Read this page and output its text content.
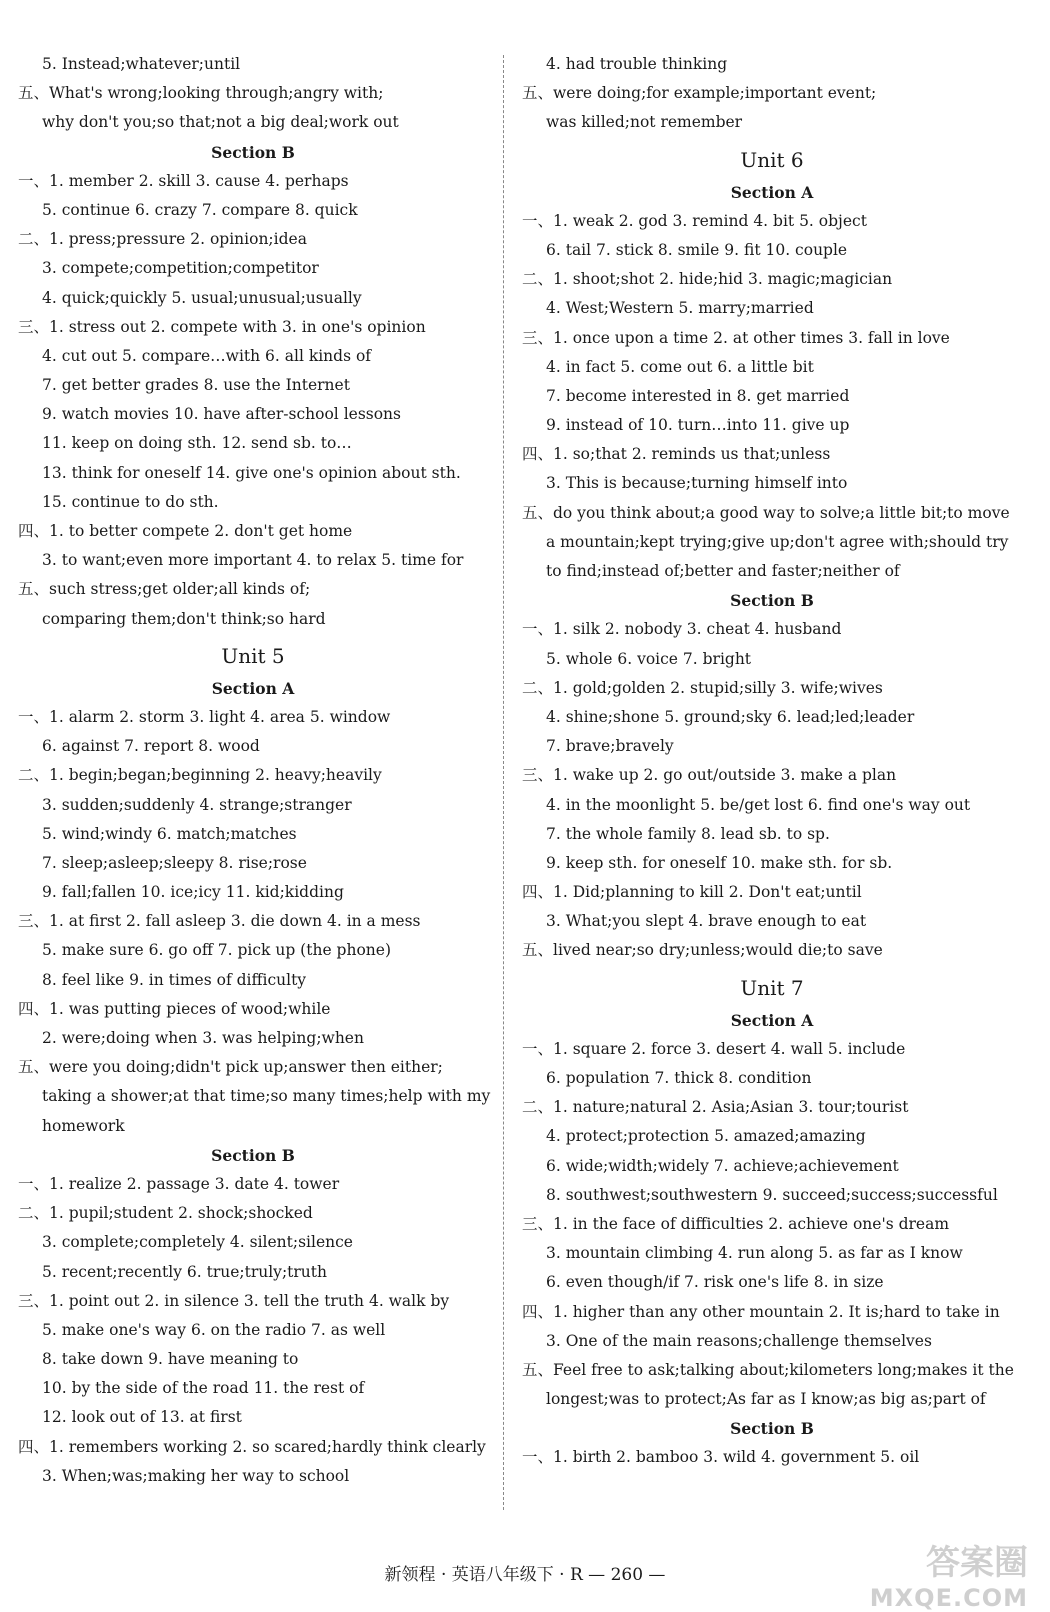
5. Instead;whatever;until
五、What's wrong;looking through;angry with;
why don't you;so that;not a big deal;work out
Section B
一、1. member 2. skill 3. cause 4. perhaps
5. continue 6. crazy 7. compare 8. quick
二、1. press;pressure 2. opinion;idea
3. compete;competition;competitor
4. quick;quickly 5. usual;unusual;usually
三、1. stress out 2. compete with 3. in one's opinion
4. cut out 5. compare…with 6. all kinds of
7. get better grades 8. use the Internet
9. watch movies 10. have after-school lessons
11. keep on doing sth. 12. send sb. to…
13. think for oneself 14. give one's opinion about sth.
15. continue to do sth.
四、1. to better compete 2. don't get home
3. to want;even more important 4. to relax 5. time for
五、such stress;get older;all kinds of;
comparing them;don't think;so hard
Unit 5
Section A
一、1. alarm 2. storm 3. light 4. area 5. window
6. against 7. report 8. wood
二、1. begin;began;beginning 2. heavy;heavily
3. sudden;suddenly 4. strange;stranger
5. wind;windy 6. match;matches
7. sleep;asleep;sleepy 8. rise;rose
9. fall;fallen 10. ice;icy 11. kid;kidding
三、1. at first 2. fall asleep 3. die down 4. in a mess
5. make sure 6. go off 7. pick up (the phone)
8. feel like 9. in times of difficulty
四、1. was putting pieces of wood;while
2. were;doing when 3. was helping;when
五、were you doing;didn't pick up;answer then either;
taking a shower;at that time;so many times;help with my
homework
Section B
一、1. realize 2. passage 3. date 4. tower
二、1. pupil;student 2. shock;shocked
3. complete;completely 4. silent;silence
5. recent;recently 6. true;truly;truth
三、1. point out 2. in silence 3. tell the truth 4. walk by
5. make one's way 6. on the radio 7. as well
8. take down 9. have meaning to
10. by the side of the road 11. the rest of
12. look out of 13. at first
四、1. remembers working 2. so scared;hardly think clearly
3. When;was;making her way to school
4. had trouble thinking
五、were doing;for example;important event;
was killed;not remember
Unit 6
Section A
一、1. weak 2. god 3. remind 4. bit 5. object
6. tail 7. stick 8. smile 9. fit 10. couple
二、1. shoot;shot 2. hide;hid 3. magic;magician
4. West;Western 5. marry;married
三、1. once upon a time 2. at other times 3. fall in love
4. in fact 5. come out 6. a little bit
7. become interested in 8. get married
9. instead of 10. turn…into 11. give up
四、1. so;that 2. reminds us that;unless
3. This is because;turning himself into
五、do you think about;a good way to solve;a little bit;to move
a mountain;kept trying;give up;don't agree with;should try
to find;instead of;better and faster;neither of
Section B
一、1. silk 2. nobody 3. cheat 4. husband
5. whole 6. voice 7. bright
二、1. gold;golden 2. stupid;silly 3. wife;wives
4. shine;shone 5. ground;sky 6. lead;led;leader
7. brave;bravely
三、1. wake up 2. go out/outside 3. make a plan
4. in the moonlight 5. be/get lost 6. find one's way out
7. the whole family 8. lead sb. to sp.
9. keep sth. for oneself 10. make sth. for sb.
四、1. Did;planning to kill 2. Don't eat;until
3. What;you slept 4. brave enough to eat
五、lived near;so dry;unless;would die;to save
Unit 7
Section A
一、1. square 2. force 3. desert 4. wall 5. include
6. population 7. thick 8. condition
二、1. nature;natural 2. Asia;Asian 3. tour;tourist
4. protect;protection 5. amazed;amazing
6. wide;width;widely 7. achieve;achievement
8. southwest;southwestern 9. succeed;success;successful
三、1. in the face of difficulties 2. achieve one's dream
3. mountain climbing 4. run along 5. as far as I know
6. even though/if 7. risk one's life 8. in size
四、1. higher than any other mountain 2. It is;hard to take in
3. One of the main reasons;challenge themselves
五、Feel free to ask;talking about;kilometers long;makes it the
longest;was to protect;As far as I know;as big as;part of
Section B
一、1. birth 2. bamboo 3. wild 4. government 5. oil
新领程 · 英语八年级下 · R — 260 —	答案圈
MXQE.COM
